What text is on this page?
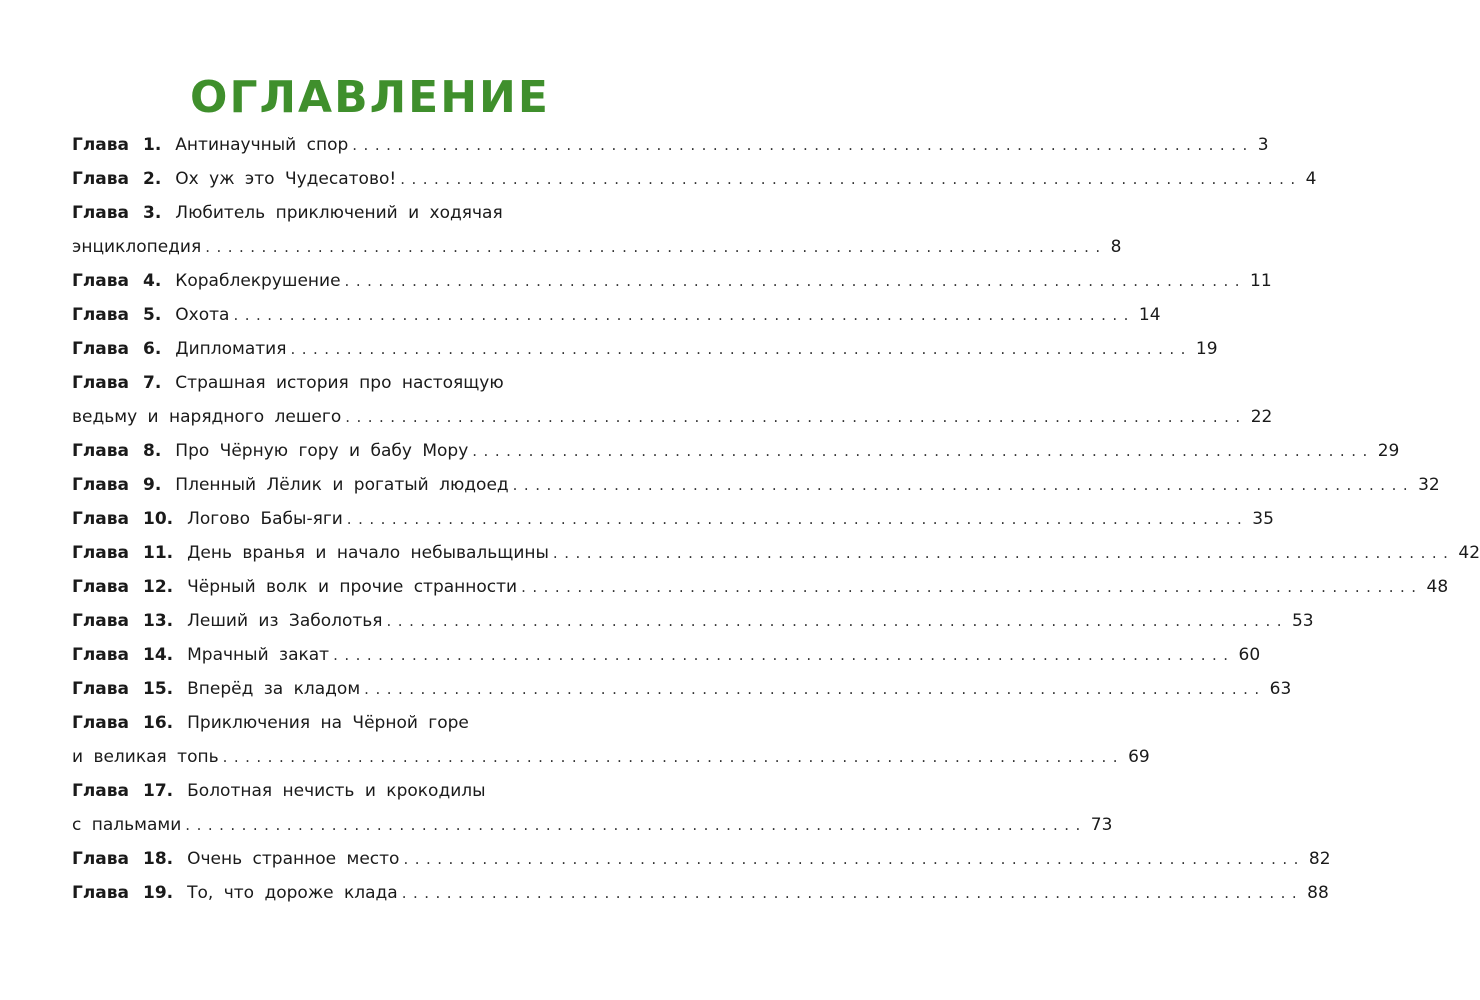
ОГЛАВЛЕНИЕ
Глава 1. Антинаучный спор ................................................................................ 3
Глава 2. Ох уж это Чудесатово! ................................................................................ 4
Глава 3. Любитель приключений и ходячая
энциклопедия ................................................................................ 8
Глава 4. Кораблекрушение ................................................................................ 11
Глава 5. Охота ................................................................................ 14
Глава 6. Дипломатия ................................................................................ 19
Глава 7. Страшная история про настоящую
ведьму и нарядного лешего ................................................................................ 22
Глава 8. Про Чёрную гору и бабу Мору ................................................................................ 29
Глава 9. Пленный Лёлик и рогатый людоед ................................................................................ 32
Глава 10. Логово Бабы-яги ................................................................................ 35
Глава 11. День вранья и начало небывальщины ................................................................................ 42
Глава 12. Чёрный волк и прочие странности ................................................................................ 48
Глава 13. Леший из Заболотья ................................................................................ 53
Глава 14. Мрачный закат ................................................................................ 60
Глава 15. Вперёд за кладом ................................................................................ 63
Глава 16. Приключения на Чёрной горе
и великая топь ................................................................................ 69
Глава 17. Болотная нечисть и крокодилы
с пальмами ................................................................................ 73
Глава 18. Очень странное место ................................................................................ 82
Глава 19. То, что дороже клада ................................................................................ 88
